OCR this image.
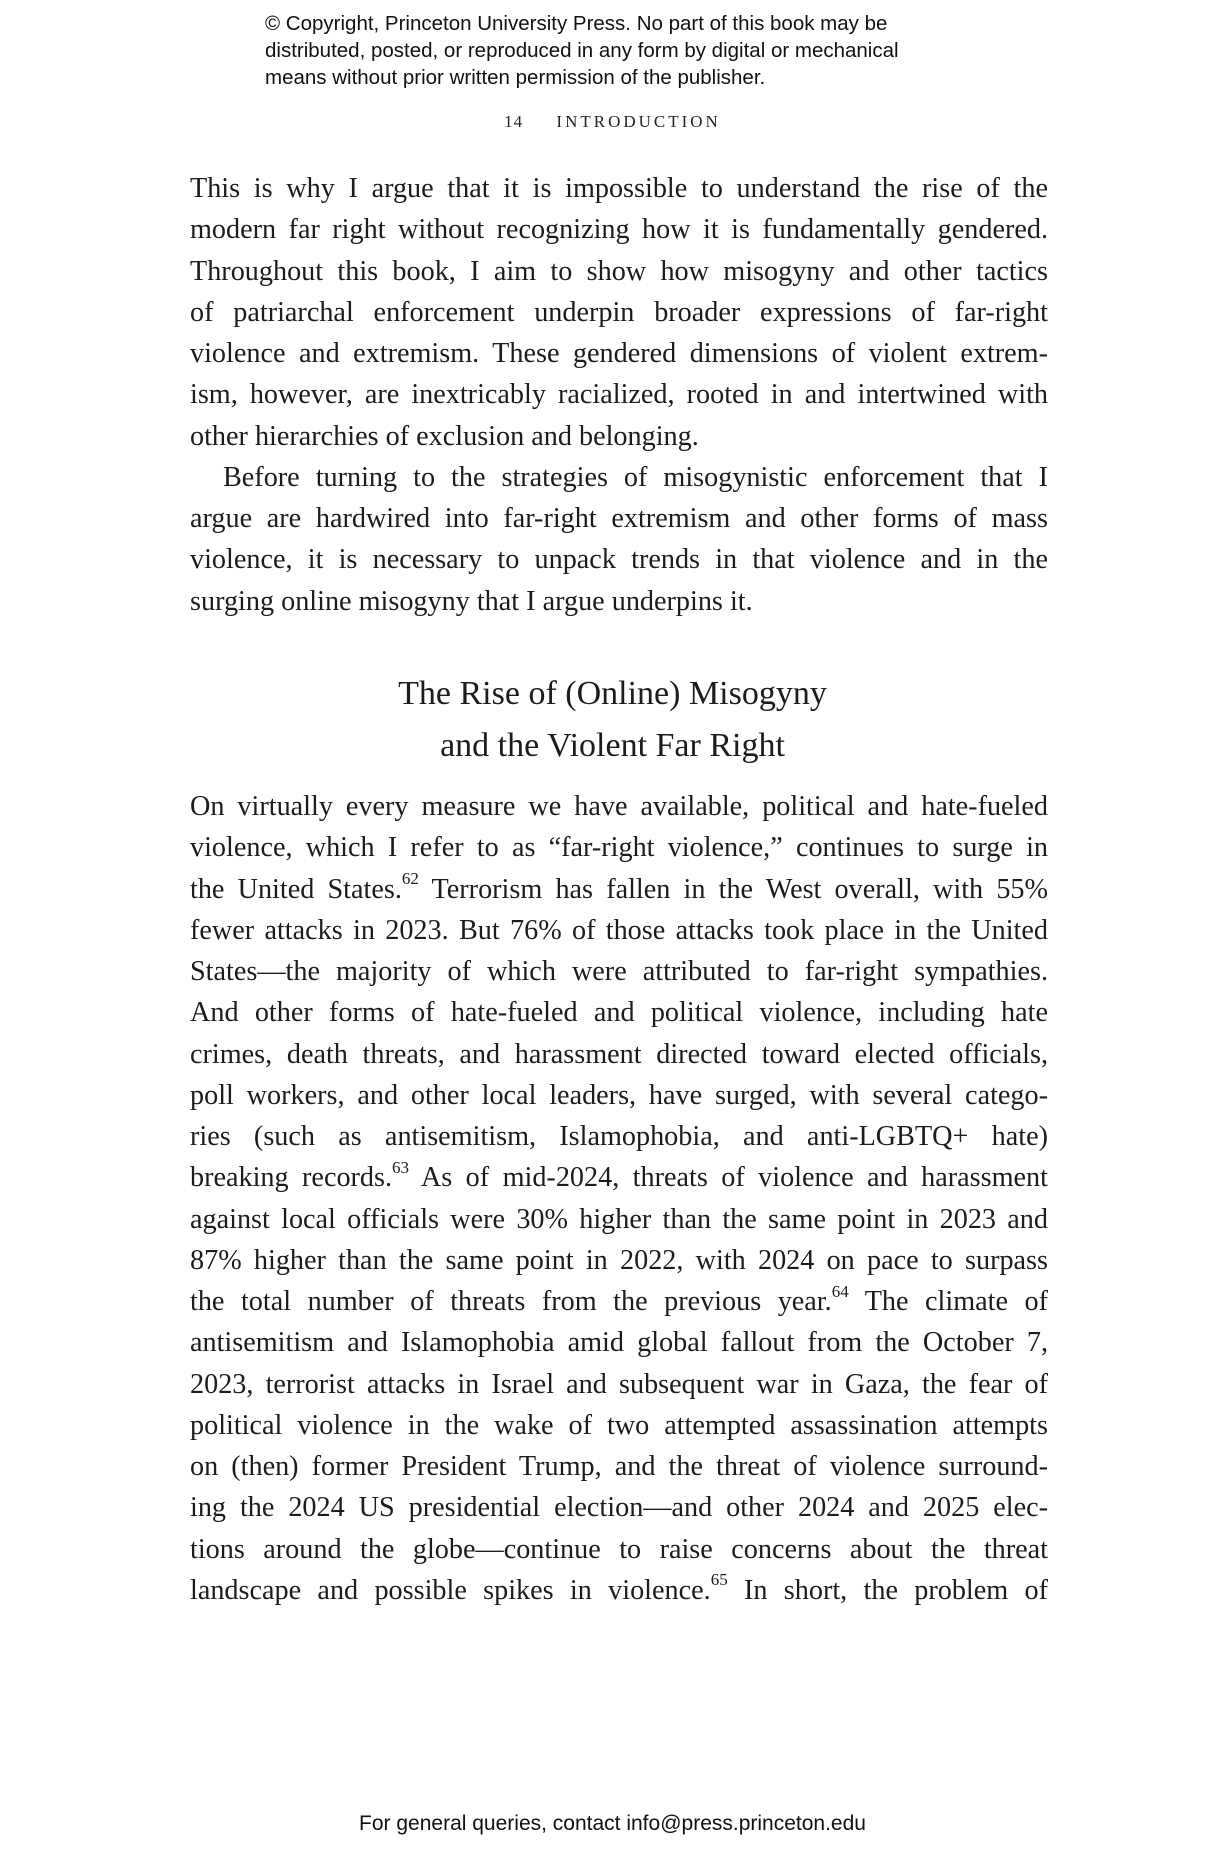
© Copyright, Princeton University Press. No part of this book may be
distributed, posted, or reproduced in any form by digital or mechanical
means without prior written permission of the publisher.
14 INTRODUCTION
This is why I argue that it is impossible to understand the rise of the
modern far right without recognizing how it is fundamentally gendered.
Throughout this book, I aim to show how misogyny and other tactics
of patriarchal enforcement underpin broader expressions of far-right
violence and extremism. These gendered dimensions of violent extrem-
ism, however, are inextricably racialized, rooted in and intertwined with
other hierarchies of exclusion and belonging.
Before turning to the strategies of misogynistic enforcement that I
argue are hardwired into far-right extremism and other forms of mass
violence, it is necessary to unpack trends in that violence and in the
surging online misogyny that I argue underpins it.
The Rise of (Online) Misogyny
and the Violent Far Right
On virtually every measure we have available, political and hate-fueled
violence, which I refer to as “far-right violence,” continues to surge in
the United States.$^{62}$ Terrorism has fallen in the West overall, with 55%
fewer attacks in 2023. But 76% of those attacks took place in the United
States—the majority of which were attributed to far-right sympathies.
And other forms of hate-fueled and political violence, including hate
crimes, death threats, and harassment directed toward elected officials,
poll workers, and other local leaders, have surged, with several catego-
ries (such as antisemitism, Islamophobia, and anti-LGBTQ+ hate)
breaking records.$^{63}$ As of mid-2024, threats of violence and harassment
against local officials were 30% higher than the same point in 2023 and
87% higher than the same point in 2022, with 2024 on pace to surpass
the total number of threats from the previous year.$^{64}$ The climate of
antisemitism and Islamophobia amid global fallout from the October 7,
2023, terrorist attacks in Israel and subsequent war in Gaza, the fear of
political violence in the wake of two attempted assassination attempts
on (then) former President Trump, and the threat of violence surround-
ing the 2024 US presidential election—and other 2024 and 2025 elec-
tions around the globe—continue to raise concerns about the threat
landscape and possible spikes in violence.$^{65}$ In short, the problem of
For general queries, contact info@press.princeton.edu
